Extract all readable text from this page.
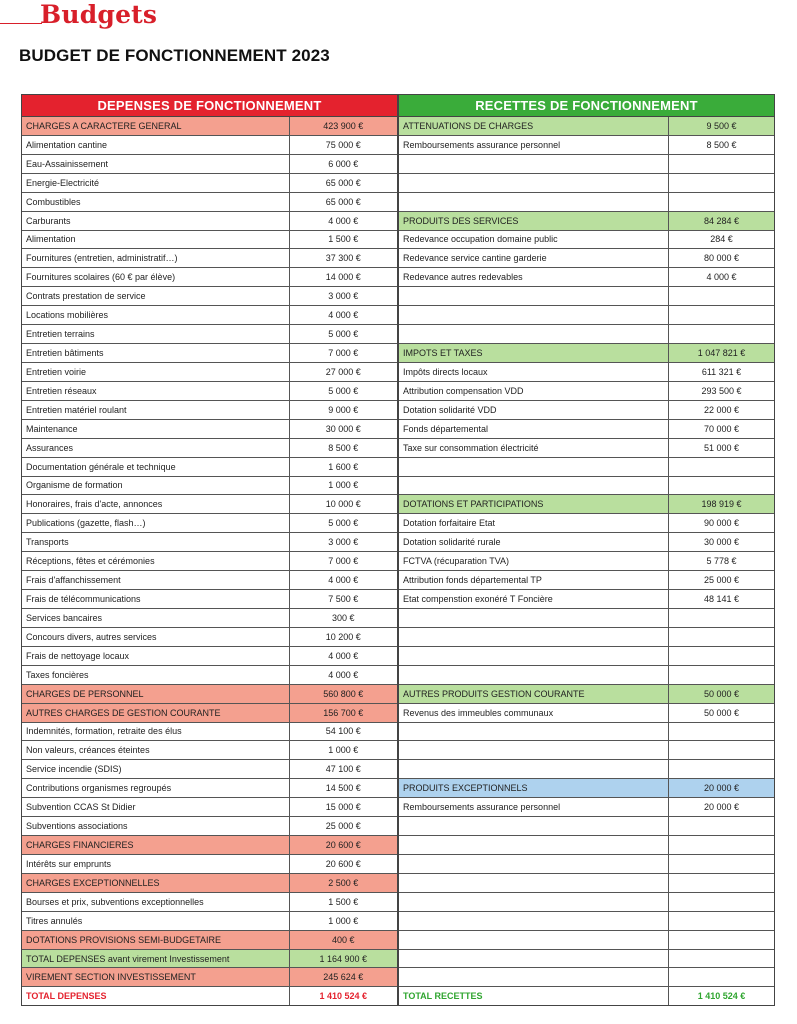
Budgets
BUDGET DE FONCTIONNEMENT 2023
DEPENSES DE FONCTIONNEMENT
CHARGES A CARACTERE GENERAL	423 900 €
Alimentation cantine	75 000 €
Eau-Assainissement	6 000 €
Energie-Electricité	65 000 €
Combustibles	65 000 €
Carburants	4 000 €
Alimentation	1 500 €
Fournitures (entretien, administratif…)	37 300 €
Fournitures scolaires (60 € par élève)	14 000 €
Contrats prestation de service	3 000 €
Locations mobilières	4 000 €
Entretien terrains	5 000 €
Entretien bâtiments	7 000 €
Entretien voirie	27 000 €
Entretien réseaux	5 000 €
Entretien matériel roulant	9 000 €
Maintenance	30 000 €
Assurances	8 500 €
Documentation générale et technique	1 600 €
Organisme de formation	1 000 €
Honoraires, frais d'acte, annonces	10 000 €
Publications (gazette, flash…)	5 000 €
Transports	3 000 €
Réceptions, fêtes et cérémonies	7 000 €
Frais d'affanchissement	4 000 €
Frais de télécommunications	7 500 €
Services bancaires	300 €
Concours divers, autres services	10 200 €
Frais de nettoyage locaux	4 000 €
Taxes foncières	4 000 €
CHARGES DE PERSONNEL	560 800 €
AUTRES CHARGES DE GESTION COURANTE	156 700 €
Indemnités, formation, retraite des élus	54 100 €
Non valeurs, créances éteintes	1 000 €
Service incendie (SDIS)	47 100 €
Contributions organismes regroupés	14 500 €
Subvention CCAS St Didier	15 000 €
Subventions associations	25 000 €
CHARGES FINANCIERES	20 600 €
Intérêts sur emprunts	20 600 €
CHARGES EXCEPTIONNELLES	2 500 €
Bourses et prix, subventions exceptionnelles	1 500 €
Titres annulés	1 000 €
DOTATIONS PROVISIONS SEMI-BUDGETAIRE	400 €
TOTAL DEPENSES avant virement Investissement	1 164 900 €
VIREMENT SECTION INVESTISSEMENT	245 624 €
TOTAL DEPENSES	1 410 524 €
RECETTES DE FONCTIONNEMENT
ATTENUATIONS DE CHARGES	9 500 €
Remboursements assurance personnel	8 500 €
PRODUITS DES SERVICES	84 284 €
Redevance occupation domaine public	284 €
Redevance service cantine garderie	80 000 €
Redevance autres redevables	4 000 €
IMPOTS ET TAXES	1 047 821 €
Impôts directs locaux	611 321 €
Attribution compensation VDD	293 500 €
Dotation solidarité VDD	22 000 €
Fonds départemental	70 000 €
Taxe sur consommation électricité	51 000 €
DOTATIONS ET PARTICIPATIONS	198 919 €
Dotation forfaitaire Etat	90 000 €
Dotation solidarité rurale	30 000 €
FCTVA (récuparation TVA)	5 778 €
Attribution fonds départemental TP	25 000 €
Etat compenstion exonéré T Foncière	48 141 €
AUTRES PRODUITS GESTION COURANTE	50 000 €
Revenus des immeubles communaux	50 000 €
PRODUITS EXCEPTIONNELS	20 000 €
Remboursements assurance personnel	20 000 €
TOTAL RECETTES	1 410 524 €
